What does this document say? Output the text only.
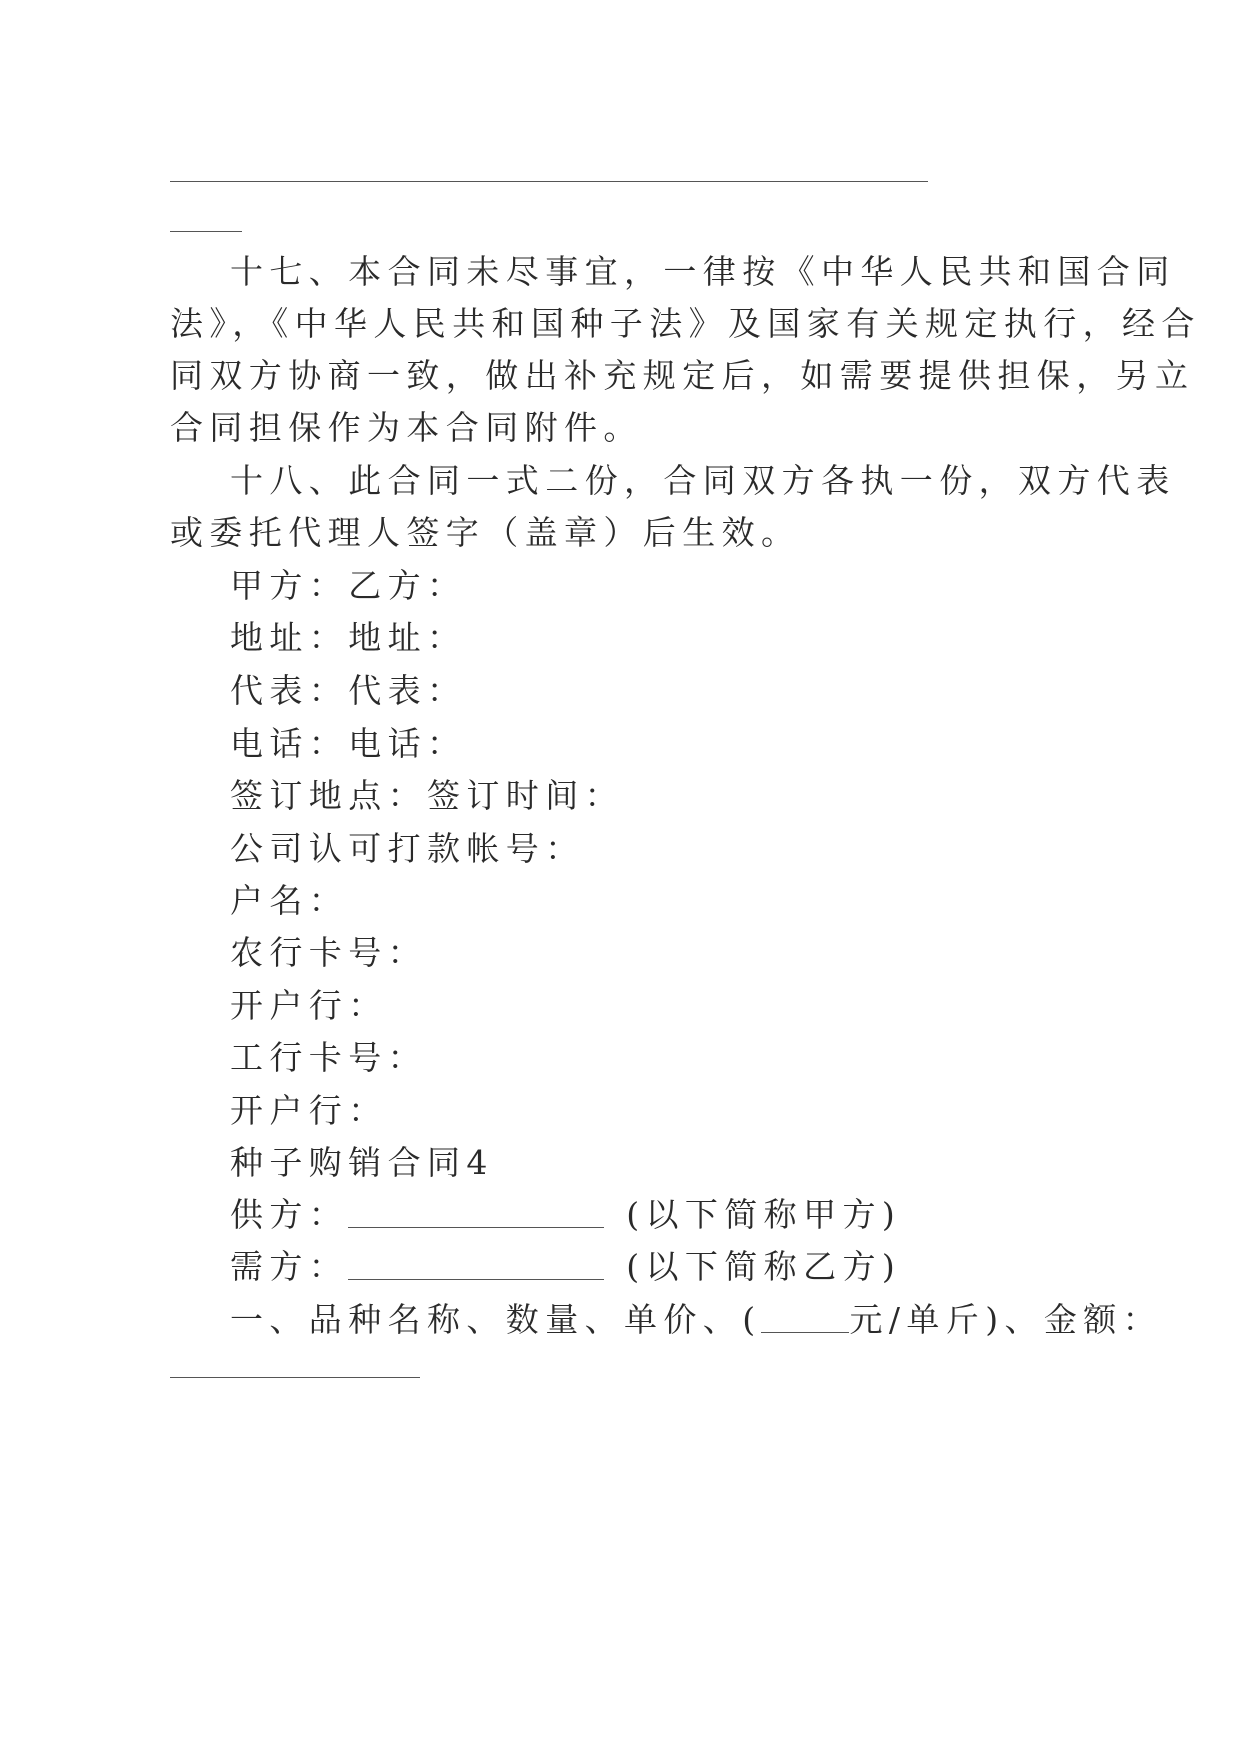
十七、本合同未尽事宜，一律按《中华人民共和国合同
法》，《中华人民共和国种子法》及国家有关规定执行，经合
同双方协商一致，做出补充规定后，如需要提供担保，另立
合同担保作为本合同附件。
十八、此合同一式二份，合同双方各执一份，双方代表
或委托代理人签字（盖章）后生效。
甲方：乙方：
地址：地址：
代表：代表：
电话：电话：
签订地点：签订时间：
公司认可打款帐号：
户名：
农行卡号：
开户行：
工行卡号：
开户行：
种子购销合同4
供方：	(以下简称甲方)
需方：	(以下简称乙方)
一、品种名称、数量、单价、(	元/单斤)、金额：
